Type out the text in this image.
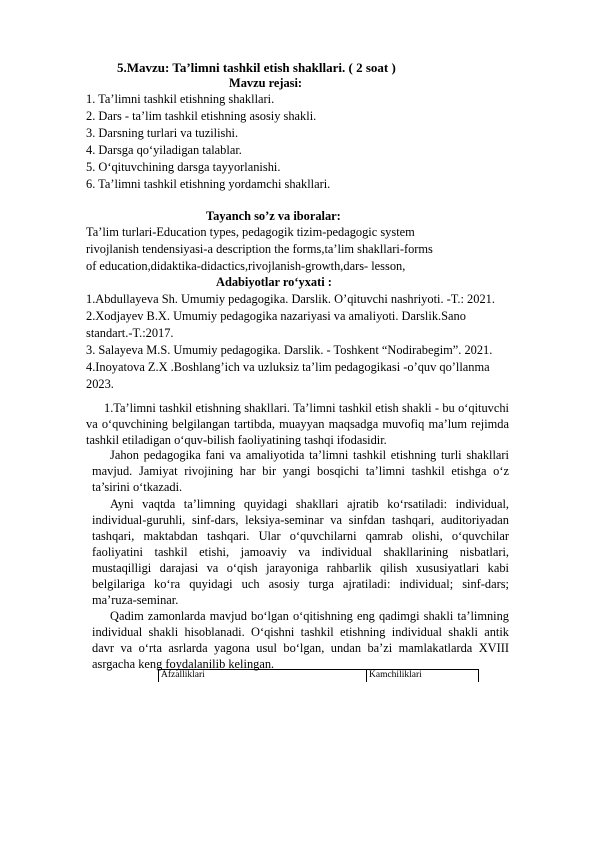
5.Mavzu: Ta’limni tashkil etish shakllari. ( 2 soat )
Mavzu rejasi:
1. Ta’limni tashkil etishning shakllari.
2. Dars - ta’lim tashkil etishning asosiy shakli.
3. Darsning turlari va tuzilishi.
4. Darsga qo‘yiladigan talablar.
5. O‘qituvchining darsga tayyorlanishi.
6. Ta’limni tashkil etishning yordamchi shakllari.
Tayanch so’z va iboralar:
Ta’lim turlari-Education types, pedagogik tizim-pedagogic system
rivojlanish tendensiyasi-a description the forms,ta’lim shakllari-forms
of education,didaktika-didactics,rivojlanish-growth,dars- lesson,
Adabiyotlar ro‘yxati :
1.Abdullayeva Sh. Umumiy pedagogika. Darslik. O’qituvchi nashriyoti. -T.: 2021.
2.Xodjayev B.X. Umumiy pedagogika nazariyasi va amaliyoti. Darslik.Sano
standart.-T.:2017.
3. Salayeva M.S. Umumiy pedagogika. Darslik. - Toshkent “Nodirabegim”. 2021.
4.Inoyatova Z.X .Boshlang’ich va uzluksiz ta’lim pedagogikasi -o’quv qo’llanma
2023.
1.Ta’limni tashkil etishning shakllari. Ta’limni tashkil etish shakli - bu o‘qituvchi
va o‘quvchining belgilangan tartibda, muayyan maqsadga muvofiq ma’lum rejimda
tashkil etiladigan o‘quv-bilish faoliyatining tashqi ifodasidir.
Jahon pedagogika fani va amaliyotida ta’limni tashkil etishning turli shakllari
mavjud. Jamiyat rivojining har bir yangi bosqichi ta’limni tashkil etishga o‘z
ta’sirini o‘tkazadi.
Ayni vaqtda ta’limning quyidagi shakllari ajratib ko‘rsatiladi: individual,
individual-guruhli, sinf-dars, leksiya-seminar va sinfdan tashqari, auditoriyadan
tashqari, maktabdan tashqari. Ular o‘quvchilarni qamrab olishi, o‘quvchilar
faoliyatini tashkil etishi, jamoaviy va individual shakllarining nisbatlari,
mustaqilligi darajasi va o‘qish jarayoniga rahbarlik qilish xususiyatlari kabi
belgilariga ko‘ra quyidagi uch asosiy turga ajratiladi: individual; sinf-dars;
ma’ruza-seminar.
Qadim zamonlarda mavjud bo‘lgan o‘qitishning eng qadimgi shakli ta’limning
individual shakli hisoblanadi. O‘qishni tashkil etishning individual shakli antik
davr va o‘rta asrlarda yagona usul bo‘lgan, undan ba’zi mamlakatlarda XVIII
asrgacha keng foydalanilib kelingan.
Afzalliklari	Kamchiliklari
